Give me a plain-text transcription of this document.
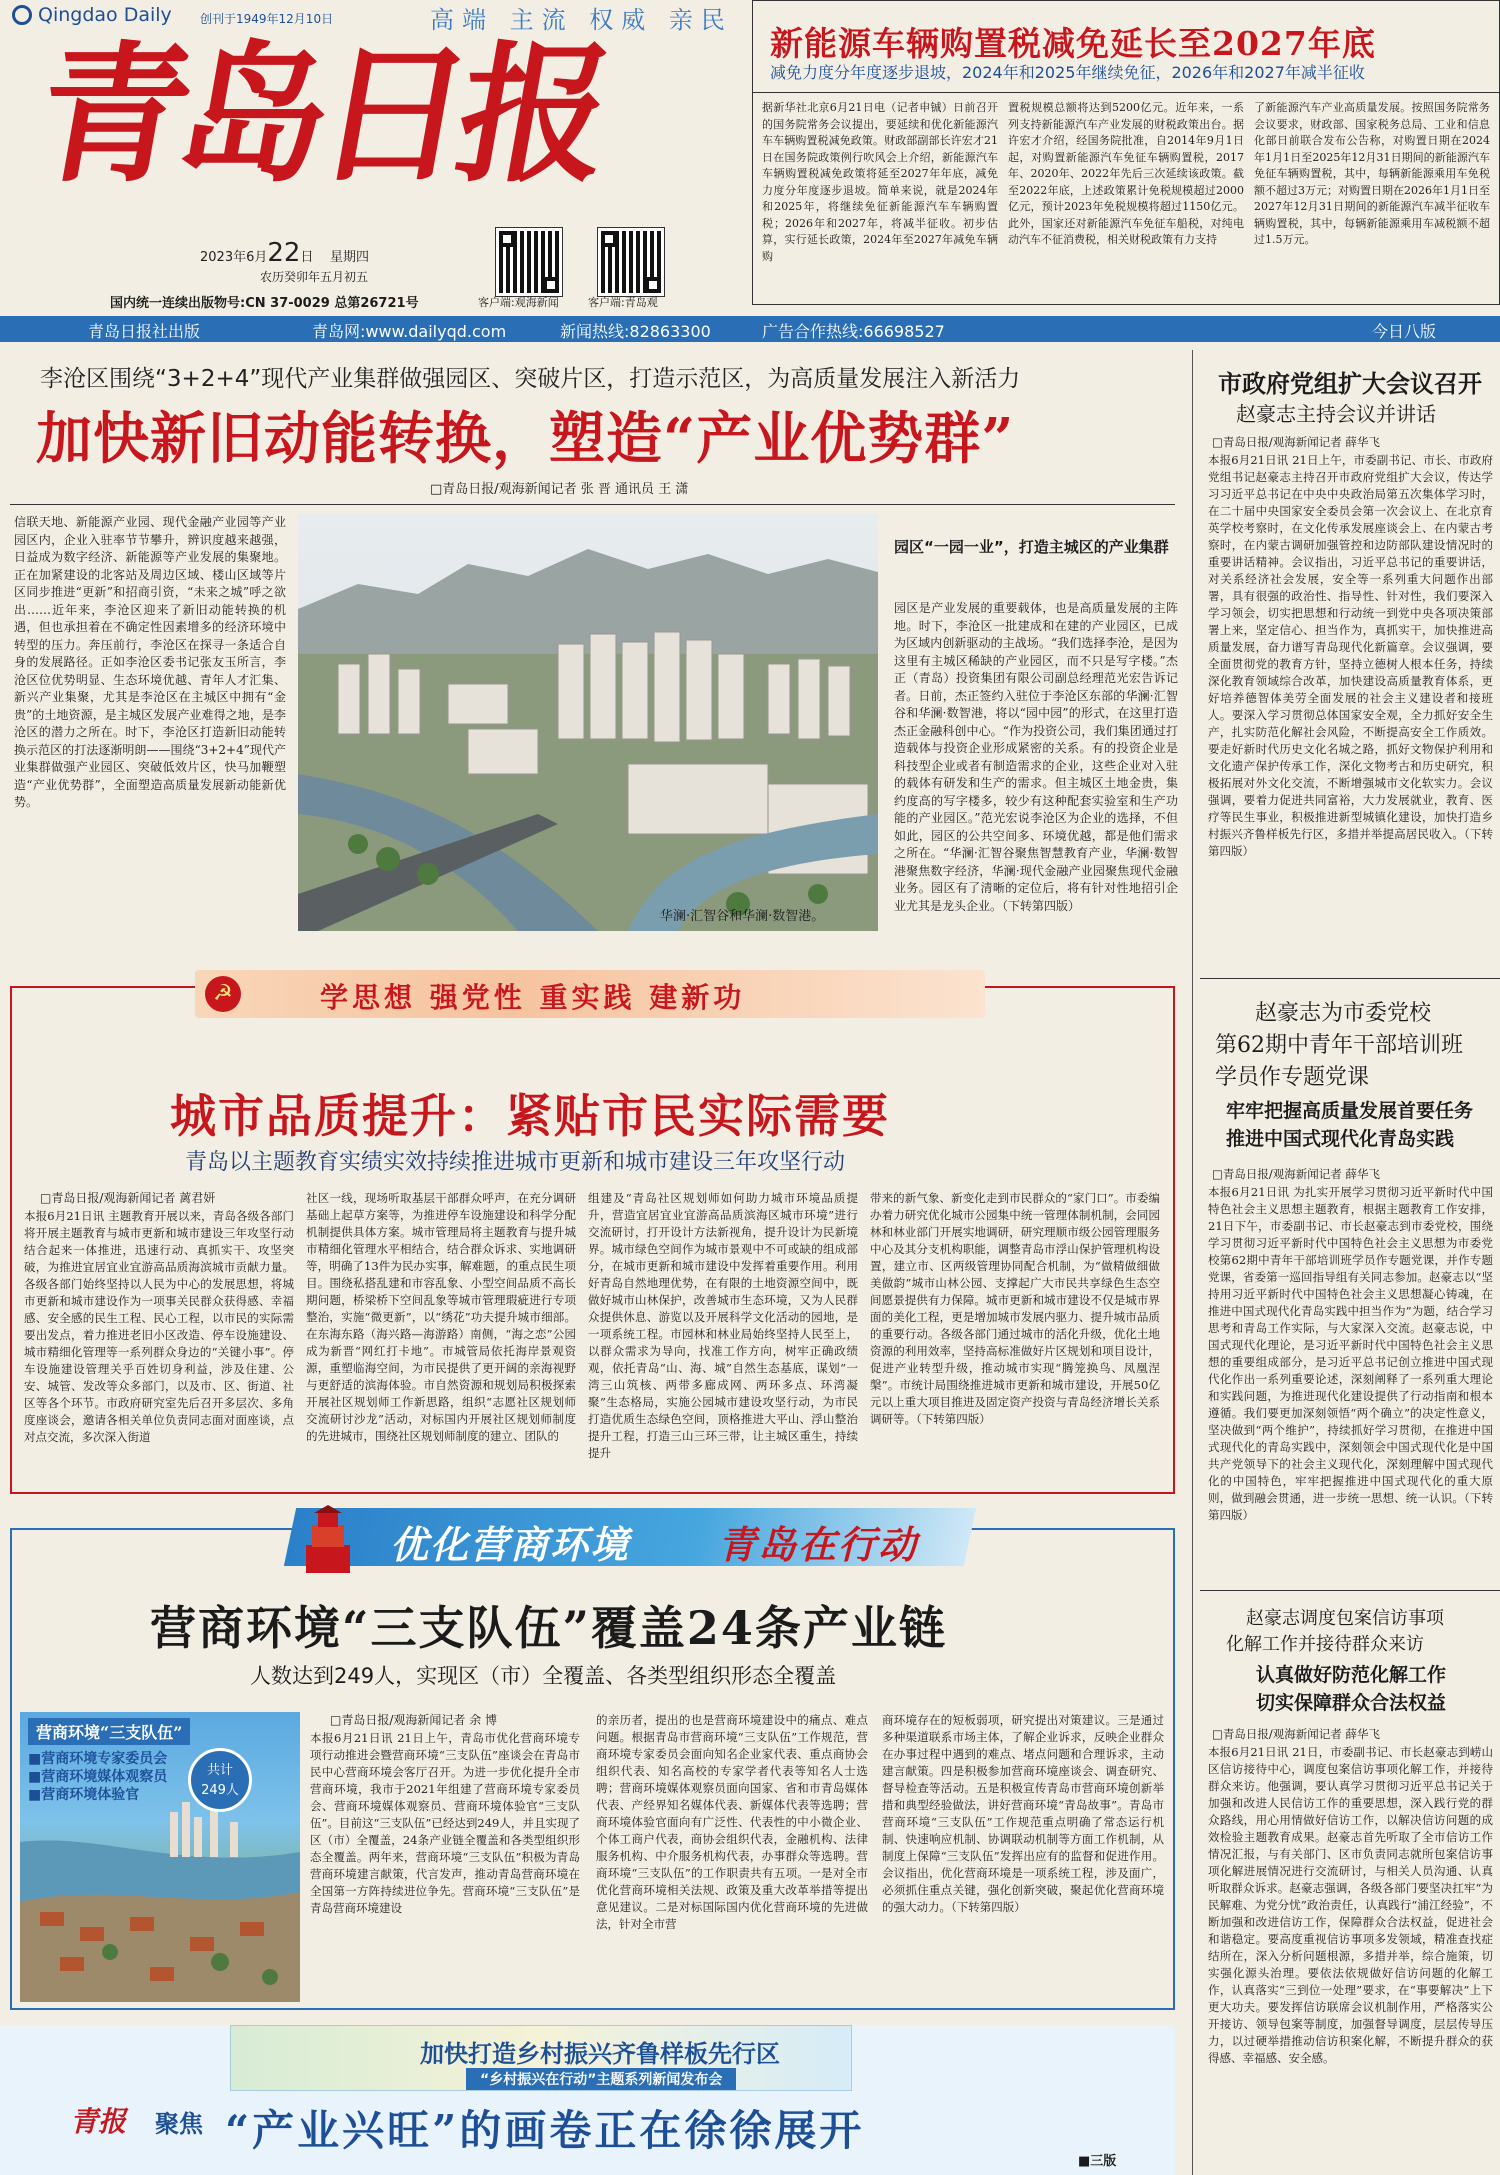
Qingdao Daily 创刊于1949年12月10日	高端 主流 权威 亲民
青岛日报
2023年6月22日 星期四
农历癸卯年五月初五
国内统一连续出版物号:CN 37-0029 总第26721号	客户端:观海新闻	客户端:青岛观
新能源车辆购置税减免延长至2027年底
减免力度分年度逐步退坡，2024年和2025年继续免征，2026年和2027年减半征收

据新华社北京6月21日电（记者申铖）日前召开的国务院常务会议提出，要延续和优化新能源汽车车辆购置税减免政策。财政部副部长许宏才21日在国务院政策例行吹风会上介绍，新能源汽车车辆购置税减免政策将延至2027年年底，减免力度分年度逐步退坡。简单来说，就是2024年和2025年，将继续免征新能源汽车车辆购置税；2026年和2027年，将减半征收。初步估算，实行延长政策，2024年至2027年减免车辆购

置税规模总额将达到5200亿元。近年来，一系列支持新能源汽车产业发展的财税政策出台。据许宏才介绍，经国务院批准，自2014年9月1日起，对购置新能源汽车免征车辆购置税，2017年、2020年、2022年先后三次延续该政策。截至2022年底，上述政策累计免税规模超过2000亿元，预计2023年免税规模将超过1150亿元。此外，国家还对新能源汽车免征车船税，对纯电动汽车不征消费税，相关财税政策有力支持

了新能源汽车产业高质量发展。按照国务院常务会议要求，财政部、国家税务总局、工业和信息化部日前联合发布公告称，对购置日期在2024年1月1日至2025年12月31日期间的新能源汽车免征车辆购置税，其中，每辆新能源乘用车免税额不超过3万元；对购置日期在2026年1月1日至2027年12月31日期间的新能源汽车减半征收车辆购置税，其中，每辆新能源乘用车减税额不超过1.5万元。

青岛日报社出版	青岛网:www.dailyqd.com	新闻热线:82863300	广告合作热线:66698527	今日八版
李沧区围绕“3+2+4”现代产业集群做强园区、突破片区，打造示范区，为高质量发展注入新活力
加快新旧动能转换，塑造“产业优势群”
□青岛日报/观海新闻记者 张 晋 通讯员 王 潇

信联天地、新能源产业园、现代金融产业园等产业园区内，企业入驻率节节攀升，辨识度越来越强，日益成为数字经济、新能源等产业发展的集聚地。正在加紧建设的北客站及周边区域、楼山区域等片区同步推进“更新”和招商引资，“未来之城”呼之欲出……近年来，李沧区迎来了新旧动能转换的机遇，但也承担着在不确定性因素增多的经济环境中转型的压力。奔压前行，李沧区在探寻一条适合自身的发展路径。正如李沧区委书记张友玉所言，李沧区位优势明显、生态环境优越、青年人才汇集、新兴产业集聚，尤其是李沧区在主城区中拥有“金贵”的土地资源，是主城区发展产业难得之地，是李沧区的潜力之所在。时下，李沧区打造新旧动能转换示范区的打法逐渐明朗——围绕“3+2+4”现代产业集群做强产业园区、突破低效片区，快马加鞭塑造“产业优势群”，全面塑造高质量发展新动能新优势。

华澜·汇智谷和华澜·数智港。
园区“一园一业”，打造主城区的产业集群

园区是产业发展的重要载体，也是高质量发展的主阵地。时下，李沧区一批建成和在建的产业园区，已成为区域内创新驱动的主战场。“我们选择李沧，是因为这里有主城区稀缺的产业园区，而不只是写字楼。”杰正（青岛）投资集团有限公司副总经理范光宏告诉记者。日前，杰正签约入驻位于李沧区东部的华澜·汇智谷和华澜·数智港，将以“园中园”的形式，在这里打造杰正金融科创中心。“作为投资公司，我们集团通过打造载体与投资企业形成紧密的关系。有的投资企业是科技型企业或者有制造需求的企业，这些企业对入驻的载体有研发和生产的需求。但主城区土地金贵，集约度高的写字楼多，较少有这种配套实验室和生产功能的产业园区。”范光宏说李沧区为企业的选择，不但如此，园区的公共空间多、环境优越，都是他们需求之所在。“华澜·汇智谷聚焦智慧教育产业，华澜·数智港聚焦数字经济，华澜·现代金融产业园聚焦现代金融业务。园区有了清晰的定位后，将有针对性地招引企业尤其是龙头企业。（下转第四版）

☭	学思想 强党性 重实践 建新功
城市品质提升：紧贴市民实际需要
青岛以主题教育实绩实效持续推进城市更新和城市建设三年攻坚行动
□青岛日报/观海新闻记者 蓠君妍

本报6月21日讯 主题教育开展以来，青岛各级各部门将开展主题教育与城市更新和城市建设三年攻坚行动结合起来一体推进，迅速行动、真抓实干、攻坚突破，为推进宜居宜业宜游高品质海滨城市贡献力量。各级各部门始终坚持以人民为中心的发展思想，将城市更新和城市建设作为一项事关民群众获得感、幸福感、安全感的民生工程、民心工程，以市民的实际需要出发点，着力推进老旧小区改造、停车设施建设、城市精细化管理等一系列群众身边的“关键小事”。停车设施建设管理关乎百姓切身利益，涉及住建、公安、城管、发改等众多部门，以及市、区、街道、社区等各个环节。市政府研究室先后召开多层次、多角度座谈会，邀请各相关单位负责同志面对面座谈，点对点交流，多次深入街道

社区一线，现场听取基层干部群众呼声，在充分调研基础上起草方案等，为推进停车设施建设和科学分配机制提供具体方案。城市管理局将主题教育与提升城市精细化管理水平相结合，结合群众诉求、实地调研等，明确了13件为民办实事，解难题，的重点民生项目。围绕私搭乱建和市容乱象、小型空间品质不高长期问题，桥梁桥下空间乱象等城市管理瑕疵进行专项整治，实施“微更新”，以“绣花”功夫提升城市细部。在东海东路（海兴路—海游路）南侧，“海之恋”公园成为新晋“网红打卡地”。市城管局依托海岸景观资源，重塑临海空间，为市民提供了更开阔的亲海视野与更舒适的滨海体验。市自然资源和规划局积极探索开展社区规划师工作新思路，组织“志愿社区规划师交流研讨沙龙”活动，对标国内开展社区规划师制度的先进城市，围绕社区规划师制度的建立、团队的

组建及“青岛社区规划师如何助力城市环境品质提升，营造宜居宜业宜游高品质滨海区城市环境”进行交流研讨，打开设计方法新视角，提升设计为民新境界。城市绿色空间作为城市景观中不可或缺的组成部分，在城市更新和城市建设中发挥着重要作用。利用好青岛自然地理优势，在有限的土地资源空间中，既做好城市山林保护，改善城市生态环境，又为人民群众提供休息、游览以及开展科学文化活动的园地，是一项系统工程。市园林和林业局始终坚持人民至上，以群众需求为导向，找准工作方向，树牢正确政绩观，依托青岛“山、海、城”自然生态基底，谋划“一湾三山筑核、两带多廊成网、两环多点、环湾凝聚”生态格局，实施公园城市建设攻坚行动，为市民打造优质生态绿色空间，顶格推进大平山、浮山整治提升工程，打造三山三环三带，让主城区重生，持续提升

带来的新气象、新变化走到市民群众的“家门口”。市委编办着力研究优化城市公园集中统一管理体制机制，会同园林和林业部门开展实地调研，研究理顺市级公园管理服务中心及其分支机构职能，调整青岛市浮山保护管理机构设置，建立市、区两级管理协同配合机制，为“做精做细做美做韵”城市山林公园、支撑起广大市民共享绿色生态空间愿景提供有力保障。城市更新和城市建设不仅是城市界面的美化工程，更是增加城市发展内驱力、提升城市品质的重要行动。各级各部门通过城市的活化升级，优化土地资源的利用效率，坚持高标准做好片区规划和项目设计，促进产业转型升级，推动城市实现“腾笼换鸟、凤凰涅槃”。市统计局围绕推进城市更新和城市建设，开展50亿元以上重大项目推进及固定资产投资与青岛经济增长关系调研等。（下转第四版）

优化营商环境 青岛在行动
营商环境“三支队伍”覆盖24条产业链
人数达到249人，实现区（市）全覆盖、各类型组织形态全覆盖
营商环境“三支队伍”
■营商环境专家委员会
■营商环境媒体观察员
■营商环境体验官
共计
249人
□青岛日报/观海新闻记者 余 博

本报6月21日讯 21日上午，青岛市优化营商环境专项行动推进会暨营商环境“三支队伍”座谈会在青岛市民中心营商环境会客厅召开。为进一步优化提升全市营商环境，我市于2021年组建了营商环境专家委员会、营商环境媒体观察员、营商环境体验官“三支队伍”。目前这“三支队伍”已经达到249人，并且实现了区（市）全覆盖，24条产业链全覆盖和各类型组织形态全覆盖。两年来，营商环境“三支队伍”积极为青岛营商环境建言献策，代言发声，推动青岛营商环境在全国第一方阵持续进位争先。营商环境“三支队伍”是青岛营商环境建设

的亲历者，提出的也是营商环境建设中的痛点、难点问题。根据青岛市营商环境“三支队伍”工作规范，营商环境专家委员会面向知名企业家代表、重点商协会组织代表、知名高校的专家学者代表等知名人士选聘；营商环境媒体观察员面向国家、省和市青岛媒体代表、产经界知名媒体代表、新媒体代表等选聘；营商环境体验官面向有广泛性、代表性的中小微企业、个体工商户代表，商协会组织代表，金融机构、法律服务机构、中介服务机构代表，办事群众等选聘。营商环境“三支队伍”的工作职责共有五项。一是对全市优化营商环境相关法规、政策及重大改革举措等提出意见建议。二是对标国际国内优化营商环境的先进做法，针对全市营

商环境存在的短板弱项，研究提出对策建议。三是通过多种渠道联系市场主体，了解企业诉求，反映企业群众在办事过程中遇到的难点、堵点问题和合理诉求，主动建言献策。四是积极参加营商环境座谈会、调查研究、督导检查等活动。五是积极宣传青岛市营商环境创新举措和典型经验做法，讲好营商环境“青岛故事”。青岛市营商环境“三支队伍”工作规范重点明确了常态运行机制、快速响应机制、协调联动机制等方面工作机制，从制度上保障“三支队伍”发挥出应有的监督和促进作用。会议指出，优化营商环境是一项系统工程，涉及面广，必须抓住重点关键，强化创新突破，聚起优化营商环境的强大动力。（下转第四版）

加快打造乡村振兴齐鲁样板先行区
“乡村振兴在行动”主题系列新闻发布会
青报 聚焦 “产业兴旺”的画卷正在徐徐展开
■三版
市政府党组扩大会议召开
赵豪志主持会议并讲话
□青岛日报/观海新闻记者 薛华飞

本报6月21日讯 21日上午，市委副书记、市长、市政府党组书记赵豪志主持召开市政府党组扩大会议，传达学习习近平总书记在中央中央政治局第五次集体学习时，在二十届中央国家安全委员会第一次会议上、在北京育英学校考察时，在文化传承发展座谈会上、在内蒙古考察时，在内蒙古调研加强管控和边防部队建设情况时的重要讲话精神。会议指出，习近平总书记的重要讲话，对关系经济社会发展，安全等一系列重大问题作出部署，具有很强的政治性、指导性、针对性，我们要深入学习领会，切实把思想和行动统一到党中央各项决策部署上来，坚定信心、担当作为，真抓实干，加快推进高质量发展，奋力谱写青岛现代化新篇章。会议强调，要全面贯彻党的教育方针，坚持立德树人根本任务，持续深化教育领域综合改革，加快建设高质量教育体系，更好培养德智体美劳全面发展的社会主义建设者和接班人。要深入学习贯彻总体国家安全观，全力抓好安全生产，扎实防范化解社会风险，不断提高安全工作质效。要走好新时代历史文化名城之路，抓好文物保护利用和文化遗产保护传承工作，深化文物考古和历史研究，积极拓展对外文化交流，不断增强城市文化软实力。会议强调，要着力促进共同富裕，大力发展就业，教育、医疗等民生事业，积极推进新型城镇化建设，加快打造乡村振兴齐鲁样板先行区，多措并举提高居民收入。（下转第四版）

赵豪志为市委党校
第62期中青年干部培训班
学员作专题党课
牢牢把握高质量发展首要任务
推进中国式现代化青岛实践
□青岛日报/观海新闻记者 薛华飞

本报6月21日讯 为扎实开展学习贯彻习近平新时代中国特色社会主义思想主题教育，根据主题教育工作安排，21日下午，市委副书记、市长赵豪志到市委党校，围绕学习贯彻习近平新时代中国特色社会主义思想为市委党校第62期中青年干部培训班学员作专题党课，并作专题党课，省委第一巡回指导组有关同志参加。赵豪志以“坚持用习近平新时代中国特色社会主义思想凝心铸魂，在推进中国式现代化青岛实践中担当作为”为题，结合学习思考和青岛工作实际，与大家深入交流。赵豪志说，中国式现代化理论，是习近平新时代中国特色社会主义思想的重要组成部分，是习近平总书记创立推进中国式现代化作出一系列重要论述，深刻阐释了一系列重大理论和实践问题，为推进现代化建设提供了行动指南和根本遵循。我们要更加深刻领悟“两个确立”的决定性意义，坚决做到“两个维护”，持续抓好学习贯彻，在推进中国式现代化的青岛实践中，深刻领会中国式现代化是中国共产党领导下的社会主义现代化，深刻理解中国式现代化的中国特色，牢牢把握推进中国式现代化的重大原则，做到融会贯通，进一步统一思想、统一认识。（下转第四版）

赵豪志调度包案信访事项
化解工作并接待群众来访
认真做好防范化解工作
切实保障群众合法权益
□青岛日报/观海新闻记者 薛华飞

本报6月21日讯 21日，市委副书记、市长赵豪志到崂山区信访接待中心，调度包案信访事项化解工作，并接待群众来访。他强调，要认真学习贯彻习近平总书记关于加强和改进人民信访工作的重要思想，深入践行党的群众路线，用心用情做好信访工作，以解决信访问题的成效检验主题教育成果。赵豪志首先听取了全市信访工作情况汇报，与有关部门、区市负责同志就所包案信访事项化解进展情况进行交流研讨，与相关人员沟通、认真听取群众诉求。赵豪志强调，各级各部门要坚决扛牢“为民解难、为党分忧”政治责任，认真践行“浦江经验”，不断加强和改进信访工作，保障群众合法权益，促进社会和谐稳定。要高度重视信访事项多发领域，精准查找症结所在，深入分析问题根源，多措并举，综合施策，切实强化源头治理。要依法依规做好信访问题的化解工作，认真落实“三到位一处理”要求，在“事要解决”上下更大功夫。要发挥信访联席会议机制作用，严格落实公开接访、领导包案等制度，加强督导调度，层层传导压力，以过硬举措推动信访积案化解，不断提升群众的获得感、幸福感、安全感。
